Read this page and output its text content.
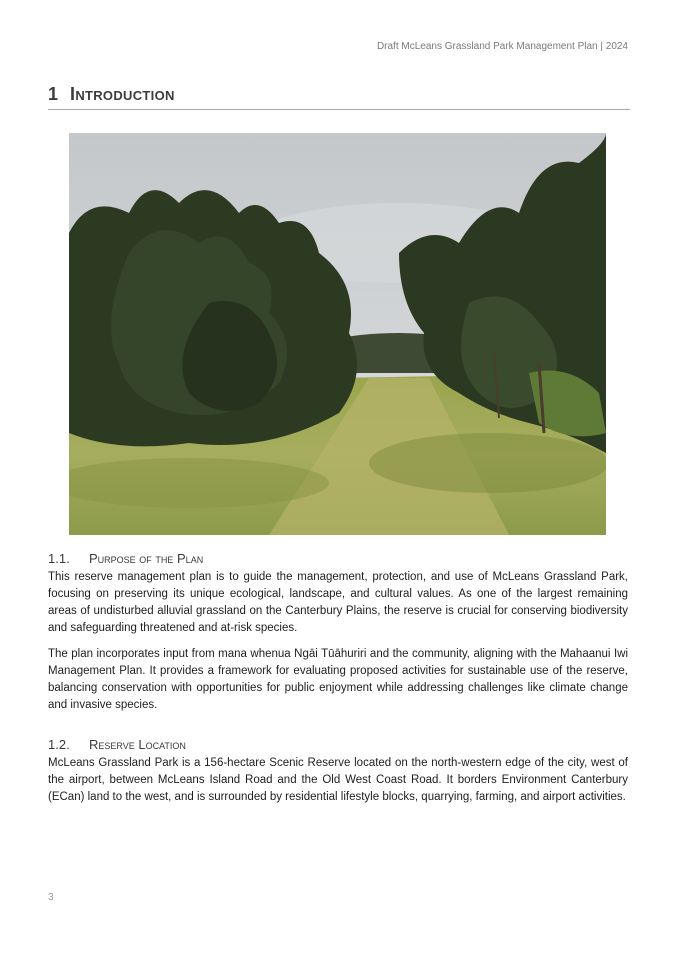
Draft McLeans Grassland Park Management Plan | 2024
1 Introduction
1.1. Purpose of the Plan

This reserve management plan is to guide the management, protection, and use of McLeans Grassland Park, focusing on preserving its unique ecological, landscape, and cultural values. As one of the largest remaining areas of undisturbed alluvial grassland on the Canterbury Plains, the reserve is crucial for conserving biodiversity and safeguarding threatened and at-risk species.

The plan incorporates input from mana whenua Ngāi Tūāhuriri and the community, aligning with the Mahaanui Iwi Management Plan. It provides a framework for evaluating proposed activities for sustainable use of the reserve, balancing conservation with opportunities for public enjoyment while addressing challenges like climate change and invasive species.

1.2. Reserve Location

McLeans Grassland Park is a 156-hectare Scenic Reserve located on the north-western edge of the city, west of the airport, between McLeans Island Road and the Old West Coast Road. It borders Environment Canterbury (ECan) land to the west, and is surrounded by residential lifestyle blocks, quarrying, farming, and airport activities.

3
